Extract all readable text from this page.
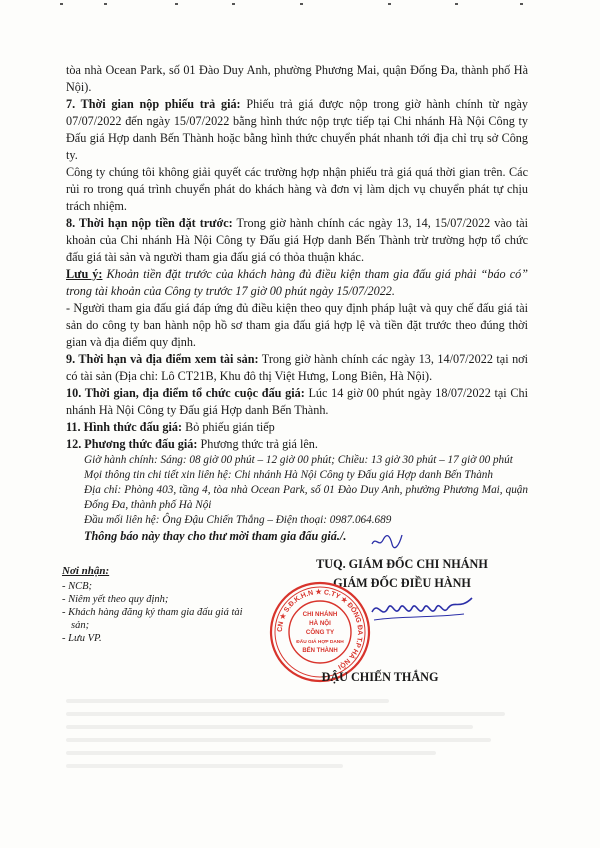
tòa nhà Ocean Park, số 01 Đào Duy Anh, phường Phương Mai, quận Đống Đa, thành phố Hà Nội).

7. Thời gian nộp phiếu trả giá: Phiếu trả giá được nộp trong giờ hành chính từ ngày 07/07/2022 đến ngày 15/07/2022 bằng hình thức nộp trực tiếp tại Chi nhánh Hà Nội Công ty Đấu giá Hợp danh Bến Thành hoặc bằng hình thức chuyển phát nhanh tới địa chỉ trụ sở Công ty.

Công ty chúng tôi không giải quyết các trường hợp nhận phiếu trả giá quá thời gian trên. Các rủi ro trong quá trình chuyển phát do khách hàng và đơn vị làm dịch vụ chuyển phát tự chịu trách nhiệm.

8. Thời hạn nộp tiền đặt trước: Trong giờ hành chính các ngày 13, 14, 15/07/2022 vào tài khoản của Chi nhánh Hà Nội Công ty Đấu giá Hợp danh Bến Thành trừ trường hợp tổ chức đấu giá tài sản và người tham gia đấu giá có thỏa thuận khác.

Lưu ý: Khoản tiền đặt trước của khách hàng đủ điều kiện tham gia đấu giá phải “báo có” trong tài khoản của Công ty trước 17 giờ 00 phút ngày 15/07/2022.

- Người tham gia đấu giá đáp ứng đủ điều kiện theo quy định pháp luật và quy chế đấu giá tài sản do công ty ban hành nộp hồ sơ tham gia đấu giá hợp lệ và tiền đặt trước theo đúng thời gian và địa điểm quy định.

9. Thời hạn và địa điểm xem tài sản: Trong giờ hành chính các ngày 13, 14/07/2022 tại nơi có tài sản (Địa chỉ: Lô CT21B, Khu đô thị Việt Hưng, Long Biên, Hà Nội).

10. Thời gian, địa điểm tổ chức cuộc đấu giá: Lúc 14 giờ 00 phút ngày 18/07/2022 tại Chi nhánh Hà Nội Công ty Đấu giá Hợp danh Bến Thành.

11. Hình thức đấu giá: Bỏ phiếu gián tiếp

12. Phương thức đấu giá: Phương thức trả giá lên.

Giờ hành chính: Sáng: 08 giờ 00 phút – 12 giờ 00 phút; Chiều: 13 giờ 30 phút – 17 giờ 00 phút

Mọi thông tin chi tiết xin liên hệ: Chi nhánh Hà Nội Công ty Đấu giá Hợp danh Bến Thành

Địa chỉ: Phòng 403, tầng 4, tòa nhà Ocean Park, số 01 Đào Duy Anh, phường Phương Mai, quận Đống Đa, thành phố Hà Nội

Đầu mối liên hệ: Ông Đậu Chiến Thắng – Điện thoại: 0987.064.689

Thông báo này thay cho thư mời tham gia đấu giá./.

Nơi nhận:
- NCB;
- Niêm yết theo quy định;
- Khách hàng đăng ký tham gia đấu giá tài sản;
- Lưu VP.
TUQ. GIÁM ĐỐC CHI NHÁNH
GIÁM ĐỐC ĐIỀU HÀNH
CN ★ S.Đ.K.H.N ★ C.TY ★ ĐỐNG ĐA T.P HÀ NỘI
CHI NHÁNH
HÀ NỘI
CÔNG TY
ĐẤU GIÁ HỢP DANH
BẾN THÀNH
ĐẬU CHIẾN THẮNG
